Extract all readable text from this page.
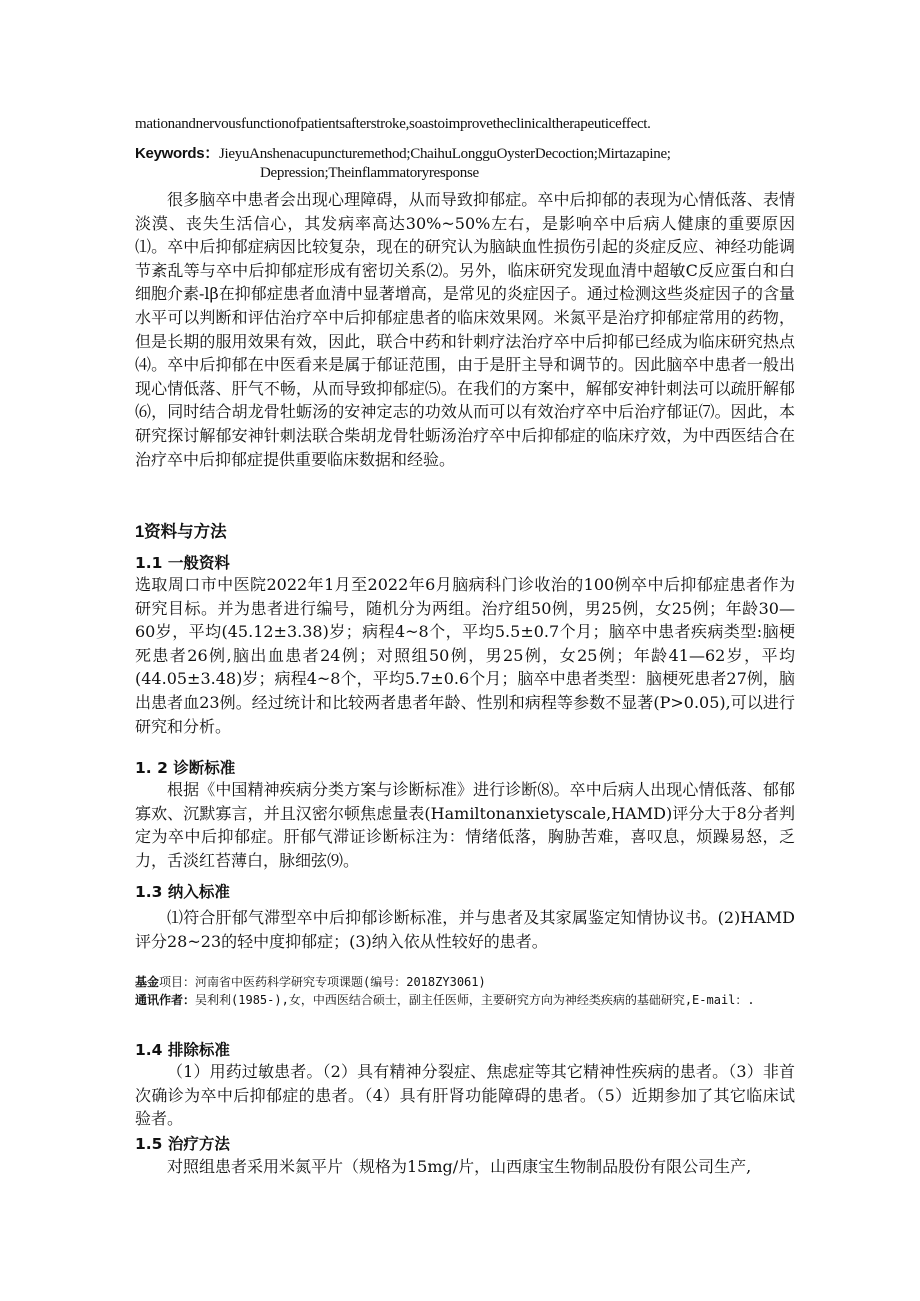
mationandnervousfunctionofpatientsafterstroke,soastoimprovetheclinicaltherapeuticeffect.
Keywords：JieyuAnshenacupuncturemethod;ChaihuLongguOysterDecoction;Mirtazapine;
Depression;Theinflammatoryresponse

很多脑卒中患者会出现心理障碍，从而导致抑郁症。卒中后抑郁的表现为心情低落、表情淡漠、丧失生活信心，其发病率高达30%~50%左右，是影响卒中后病人健康的重要原因⑴。卒中后抑郁症病因比较复杂，现在的研究认为脑缺血性损伤引起的炎症反应、神经功能调节紊乱等与卒中后抑郁症形成有密切关系⑵。另外，临床研究发现血清中超敏C反应蛋白和白细胞介素-lβ在抑郁症患者血清中显著增高，是常见的炎症因子。通过检测这些炎症因子的含量水平可以判断和评估治疗卒中后抑郁症患者的临床效果网。米氮平是治疗抑郁症常用的药物，但是长期的服用效果有效，因此，联合中药和针刺疗法治疗卒中后抑郁已经成为临床研究热点⑷。卒中后抑郁在中医看来是属于郁证范围，由于是肝主导和调节的。因此脑卒中患者一般出现心情低落、肝气不畅，从而导致抑郁症⑸。在我们的方案中，解郁安神针刺法可以疏肝解郁⑹，同时结合胡龙骨牡蛎汤的安神定志的功效从而可以有效治疗卒中后治疗郁证⑺。因此，本研究探讨解郁安神针刺法联合柴胡龙骨牡蛎汤治疗卒中后抑郁症的临床疗效，为中西医结合在治疗卒中后抑郁症提供重要临床数据和经验。

1资料与方法
1.1 一般资料

选取周口市中医院2022年1月至2022年6月脑病科门诊收治的100例卒中后抑郁症患者作为研究目标。并为患者进行编号，随机分为两组。治疗组50例，男25例，女25例；年龄30—60岁，平均(45.12±3.38)岁；病程4~8个，平均5.5±0.7个月；脑卒中患者疾病类型:脑梗死患者26例,脑出血患者24例；对照组50例，男25例，女25例；年龄41—62岁，平均(44.05±3.48)岁；病程4~8个，平均5.7±0.6个月；脑卒中患者类型：脑梗死患者27例，脑出患者血23例。经过统计和比较两者患者年龄、性别和病程等参数不显著(P>0.05),可以进行研究和分析。

1. 2 诊断标准

根据《中国精神疾病分类方案与诊断标准》进行诊断⑻。卒中后病人出现心情低落、郁郁寡欢、沉默寡言，并且汉密尔顿焦虑量表(Hamiltonanxietyscale,HAMD)评分大于8分者判定为卒中后抑郁症。肝郁气滞证诊断标注为：情绪低落，胸胁苦难，喜叹息，烦躁易怒，乏力，舌淡红苔薄白，脉细弦⑼。

1.3 纳入标准

⑴符合肝郁气滞型卒中后抑郁诊断标准，并与患者及其家属鉴定知情协议书。(2)HAMD评分28~23的轻中度抑郁症；(3)纳入依从性较好的患者。

基金项目：河南省中医药科学研究专项课题(编号：2018ZY3061)
通讯作者：吴利利(1985-),女，中西医结合硕士，副主任医师，主要研究方向为神经类疾病的基础研究,E-mail：.
1.4 排除标准

（1）用药过敏患者。（2）具有精神分裂症、焦虑症等其它精神性疾病的患者。（3）非首次确诊为卒中后抑郁症的患者。（4）具有肝肾功能障碍的患者。（5）近期参加了其它临床试验者。

1.5 治疗方法

对照组患者采用米氮平片（规格为15mg/片，山西康宝生物制品股份有限公司生产,
